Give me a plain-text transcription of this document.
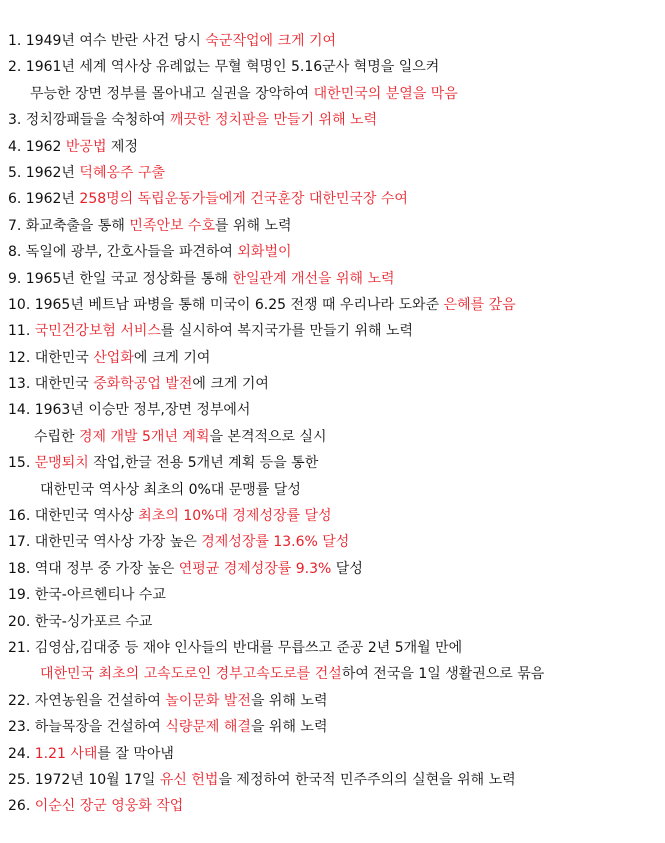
1. 1949년 여수 반란 사건 당시 숙군작업에 크게 기여
2. 1961년 세계 역사상 유례없는 무혈 혁명인 5.16군사 혁명을 일으켜
무능한 장면 정부를 몰아내고 실권을 장악하여 대한민국의 분열을 막음
3. 정치깡패들을 숙청하여 깨끗한 정치판을 만들기 위해 노력
4. 1962 반공법 제정
5. 1962년 덕혜옹주 구출
6. 1962년 258명의 독립운동가들에게 건국훈장 대한민국장 수여
7. 화교축출을 통해 민족안보 수호를 위해 노력
8. 독일에 광부, 간호사들을 파견하여 외화벌이
9. 1965년 한일 국교 정상화를 통해 한일관계 개선을 위해 노력
10. 1965년 베트남 파병을 통해 미국이 6.25 전쟁 때 우리나라 도와준 은혜를 갚음
11. 국민건강보험 서비스를 실시하여 복지국가를 만들기 위해 노력
12. 대한민국 산업화에 크게 기여
13. 대한민국 중화학공업 발전에 크게 기여
14. 1963년 이승만 정부,장면 정부에서
수립한 경제 개발 5개년 계획을 본격적으로 실시
15. 문맹퇴치 작업,한글 전용 5개년 계획 등을 통한
대한민국 역사상 최초의 0%대 문맹률 달성
16. 대한민국 역사상 최초의 10%대 경제성장률 달성
17. 대한민국 역사상 가장 높은 경제성장률 13.6% 달성
18. 역대 정부 중 가장 높은 연평균 경제성장률 9.3% 달성
19. 한국-아르헨티나 수교
20. 한국-싱가포르 수교
21. 김영삼,김대중 등 재야 인사들의 반대를 무릅쓰고 준공 2년 5개월 만에
대한민국 최초의 고속도로인 경부고속도로를 건설하여 전국을 1일 생활권으로 묶음
22. 자연농원을 건설하여 놀이문화 발전을 위해 노력
23. 하늘목장을 건설하여 식량문제 해결을 위해 노력
24. 1.21 사태를 잘 막아냄
25. 1972년 10월 17일 유신 헌법을 제정하여 한국적 민주주의의 실현을 위해 노력
26. 이순신 장군 영웅화 작업
